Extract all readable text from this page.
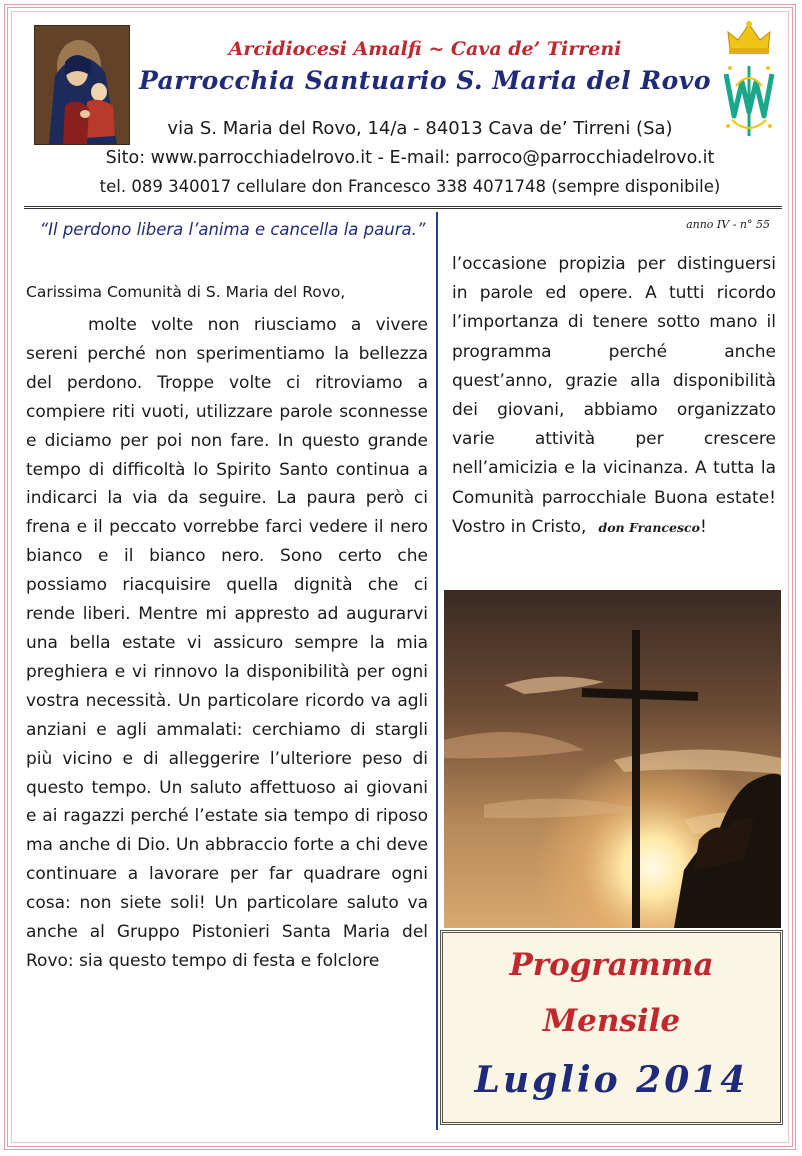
Arcidiocesi Amalfi ~ Cava de’ Tirreni
Parrocchia Santuario S. Maria del Rovo
via S. Maria del Rovo, 14/a - 84013 Cava de’ Tirreni (Sa)
Sito: www.parrocchiadelrovo.it - E-mail: parroco@parrocchiadelrovo.it
tel. 089 340017 cellulare don Francesco 338 4071748 (sempre disponibile)
“Il perdono libera l’anima e cancella la paura.”	anno IV - n° 55
Carissima Comunità di S. Maria del Rovo,
molte volte non riusciamo a vivere sereni perché non sperimentiamo la bellezza del perdono. Troppe volte ci ritroviamo a compiere riti vuoti, utilizzare parole sconnesse e diciamo per poi non fare. In questo grande tempo di difficoltà lo Spirito Santo continua a indicarci la via da seguire. La paura però ci frena e il peccato vorrebbe farci vedere il nero bianco e il bianco nero. Sono certo che possiamo riacquisire quella dignità che ci rende liberi. Mentre mi appresto ad augurarvi una bella estate vi assicuro sempre la mia preghiera e vi rinnovo la disponibilità per ogni vostra necessità. Un particolare ricordo va agli anziani e agli ammalati: cerchiamo di stargli più vicino e di alleggerire l’ulteriore peso di questo tempo. Un saluto affettuoso ai giovani e ai ragazzi perché l’estate sia tempo di riposo ma anche di Dio. Un abbraccio forte a chi deve continuare a lavorare per far quadrare ogni cosa: non siete soli! Un particolare saluto va anche al Gruppo Pistonieri Santa Maria del Rovo: sia questo tempo di festa e folclore
l’occasione propizia per distinguersi in parole ed opere. A tutti ricordo l’importanza di tenere sotto mano il programma perché anche quest’anno, grazie alla disponibilità dei giovani, abbiamo organizzato varie attività per crescere nell’amicizia e la vicinanza. A tutta la Comunità parrocchiale Buona estate! Vostro in Cristo, don Francesco!
Programma
Mensile
Luglio 2014
